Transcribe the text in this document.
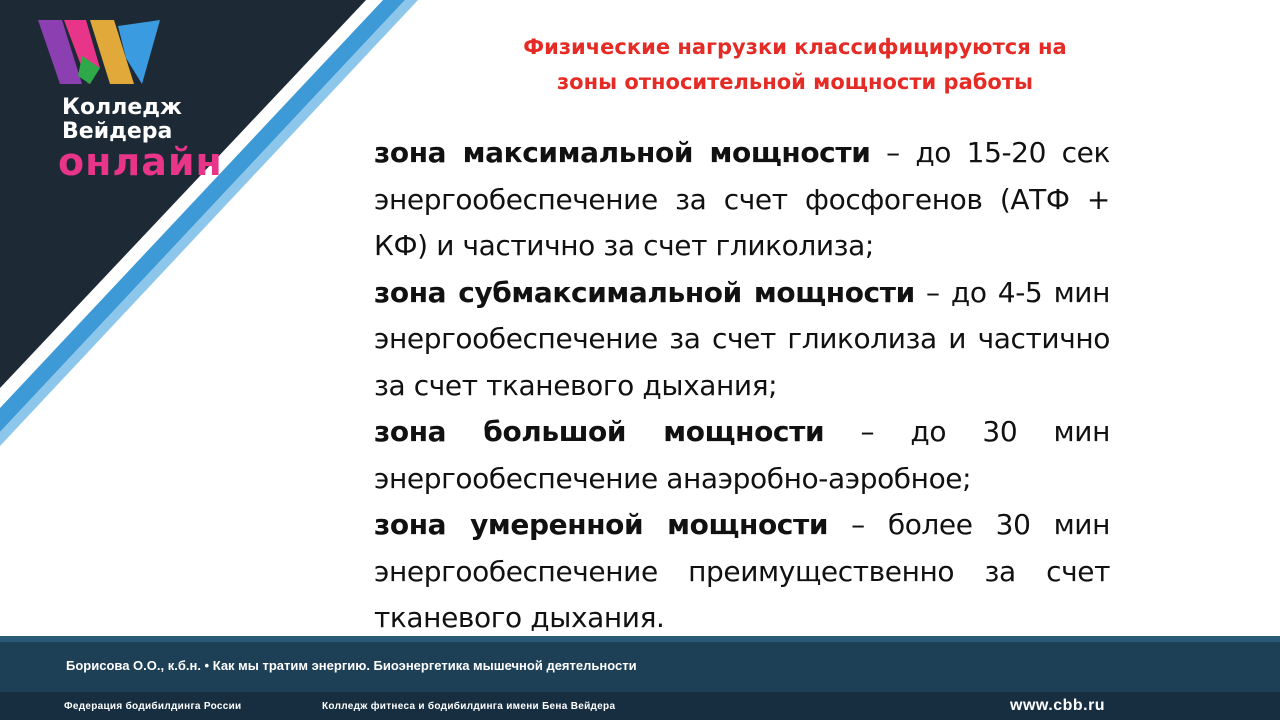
Колледж
Вейдера
онлайн
Физические нагрузки классифицируются на
зоны относительной мощности работы

зона максимальной мощности – до 15-20 сек энергообеспечение за счет фосфогенов (АТФ + КФ) и частично за счет гликолиза;

зона субмаксимальной мощности – до 4-5 мин энергообеспечение за счет гликолиза и частично за счет тканевого дыхания;

зона большой мощности – до 30 мин энергообеспечение анаэробно-аэробное;

зона умеренной мощности – более 30 мин энергообеспечение преимущественно за счет тканевого дыхания.

Борисова О.О., к.б.н. • Как мы тратим энергию. Биоэнергетика мышечной деятельности
Федерация бодибилдинга России	Колледж фитнеса и бодибилдинга имени Бена Вейдера	www.cbb.ru
